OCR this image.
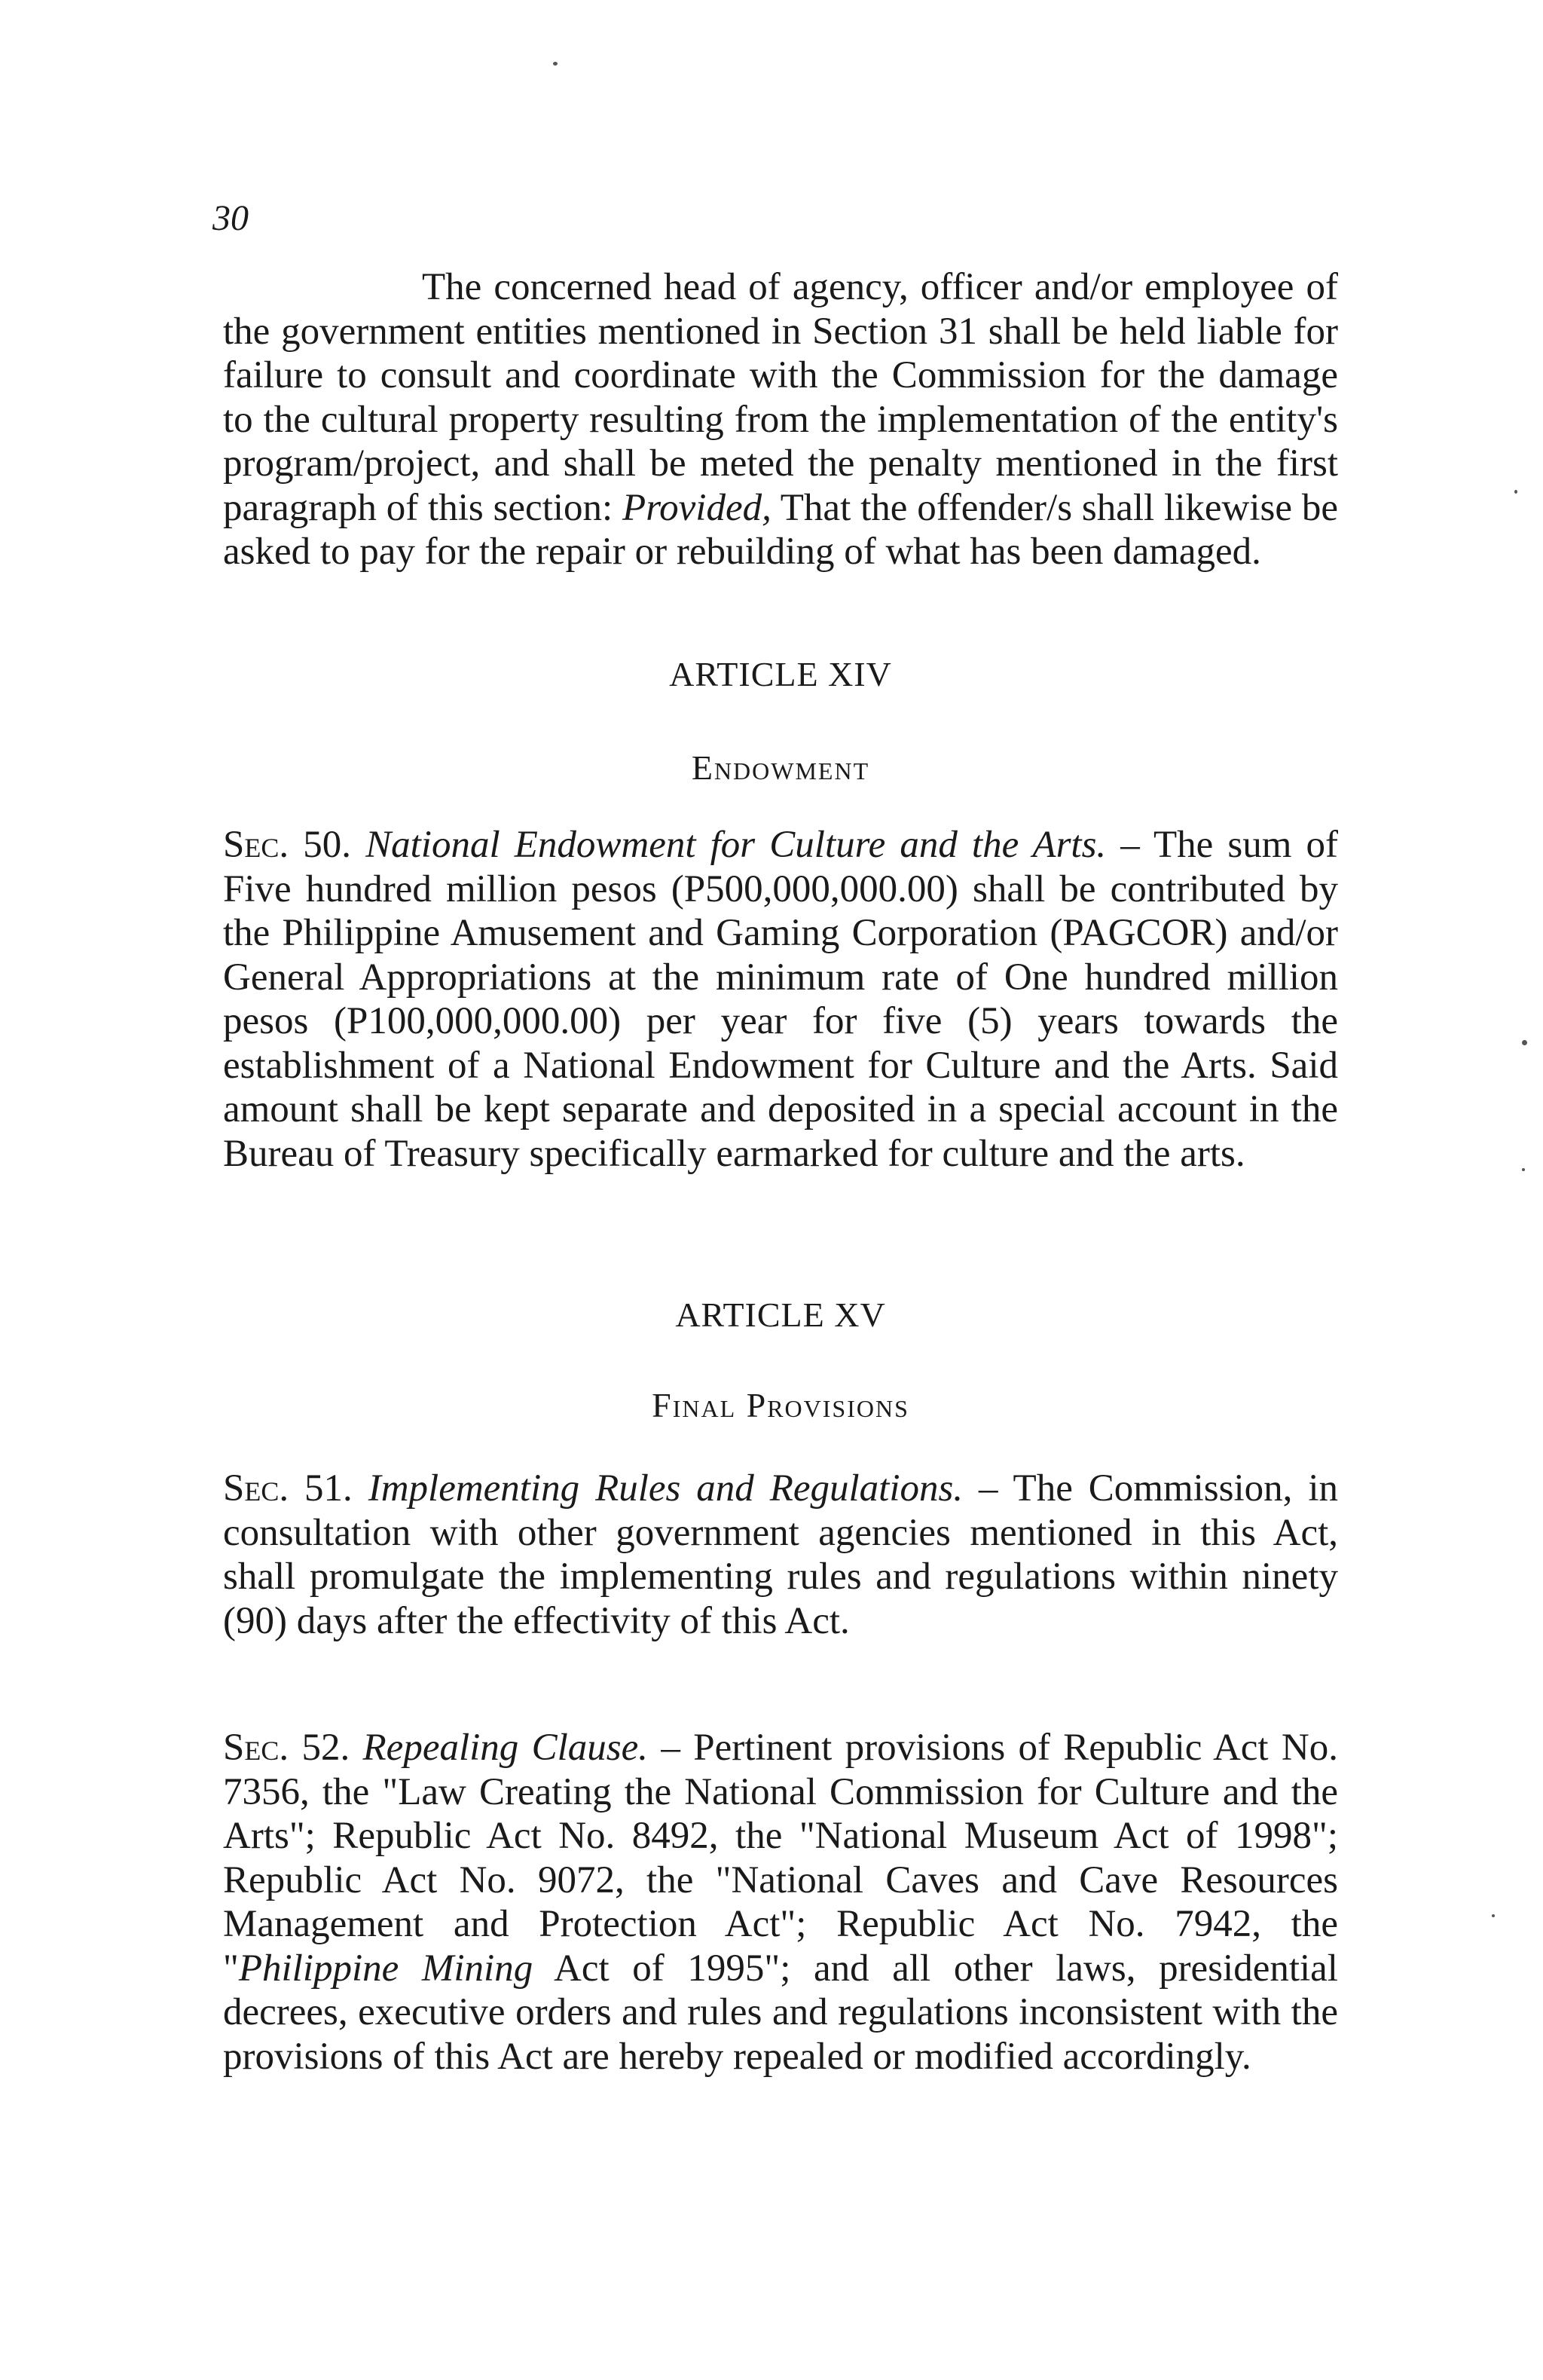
30

The concerned head of agency, officer and/or employee of the government entities mentioned in Section 31 shall be held liable for failure to consult and coordinate with the Commission for the damage to the cultural property resulting from the implementation of the entity's program/project, and shall be meted the penalty mentioned in the first paragraph of this section: Provided, That the offender/s shall likewise be asked to pay for the repair or rebuilding of what has been damaged.

ARTICLE XIV
Endowment

Sec. 50. National Endowment for Culture and the Arts. – The sum of Five hundred million pesos (P500,000,000.00) shall be contributed by the Philippine Amusement and Gaming Corporation (PAGCOR) and/or General Appropriations at the minimum rate of One hundred million pesos (P100,000,000.00) per year for five (5) years towards the establishment of a National Endowment for Culture and the Arts. Said amount shall be kept separate and deposited in a special account in the Bureau of Treasury specifically earmarked for culture and the arts.

ARTICLE XV
Final Provisions

Sec. 51. Implementing Rules and Regulations. – The Commission, in consultation with other government agencies mentioned in this Act, shall promulgate the implementing rules and regulations within ninety (90) days after the effectivity of this Act.

Sec. 52. Repealing Clause. – Pertinent provisions of Republic Act No. 7356, the "Law Creating the National Commission for Culture and the Arts"; Republic Act No. 8492, the "National Museum Act of 1998"; Republic Act No. 9072, the "National Caves and Cave Resources Management and Protection Act"; Republic Act No. 7942, the "Philippine Mining Act of 1995"; and all other laws, presidential decrees, executive orders and rules and regulations inconsistent with the provisions of this Act are hereby repealed or modified accordingly.
